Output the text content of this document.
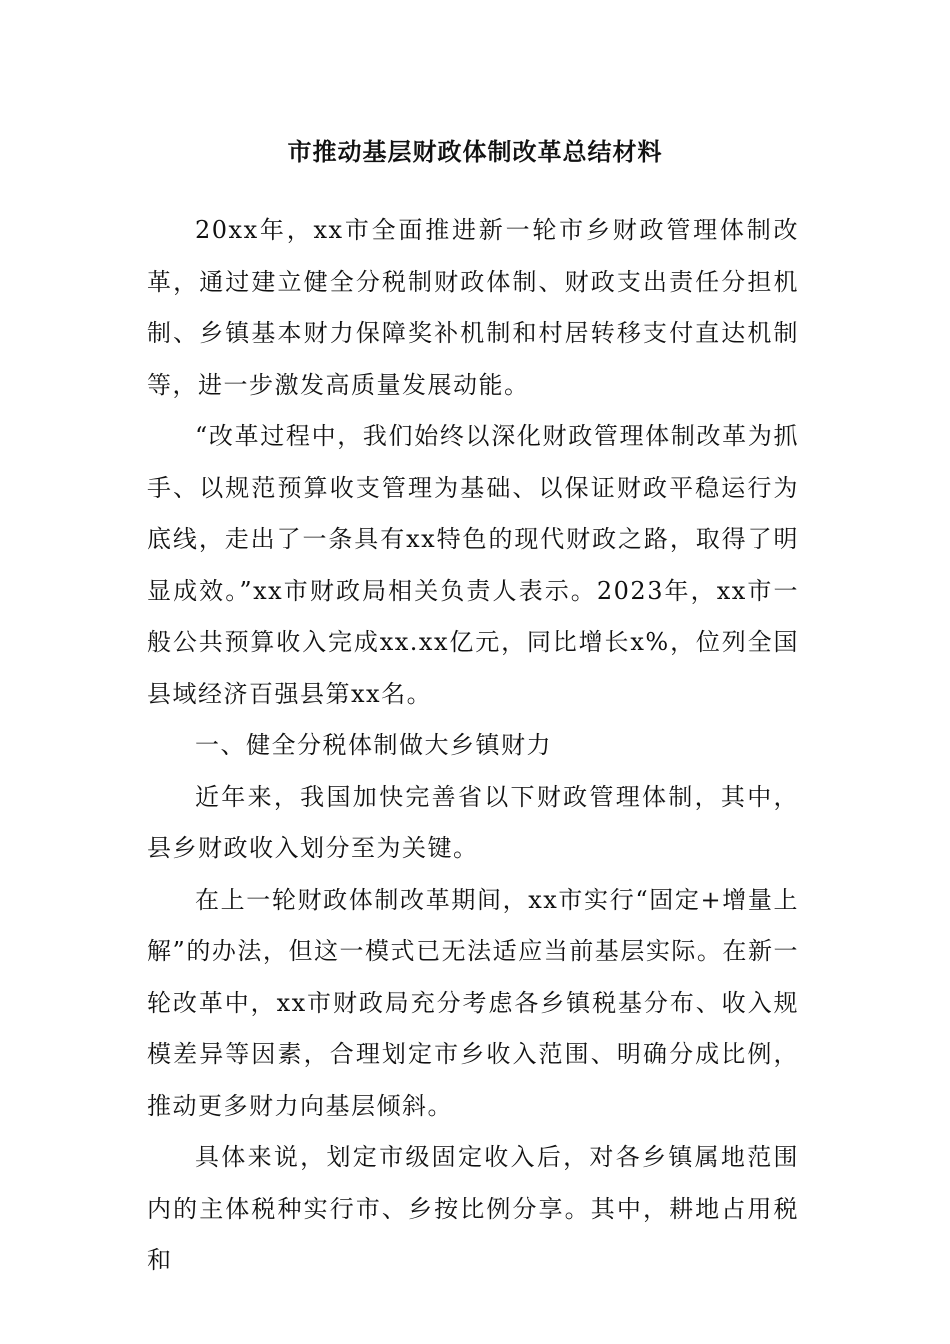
市推动基层财政体制改革总结材料

20xx年，xx市全面推进新一轮市乡财政管理体制改革，通过建立健全分税制财政体制、财政支出责任分担机制、乡镇基本财力保障奖补机制和村居转移支付直达机制等，进一步激发高质量发展动能。

“改革过程中，我们始终以深化财政管理体制改革为抓手、以规范预算收支管理为基础、以保证财政平稳运行为底线，走出了一条具有xx特色的现代财政之路，取得了明显成效。”xx市财政局相关负责人表示。2023年，xx市一般公共预算收入完成xx.xx亿元，同比增长x%，位列全国县域经济百强县第xx名。

一、健全分税体制做大乡镇财力

近年来，我国加快完善省以下财政管理体制，其中，县乡财政收入划分至为关键。

在上一轮财政体制改革期间，xx市实行“固定+增量上解”的办法，但这一模式已无法适应当前基层实际。在新一轮改革中，xx市财政局充分考虑各乡镇税基分布、收入规模差异等因素，合理划定市乡收入范围、明确分成比例，推动更多财力向基层倾斜。

具体来说，划定市级固定收入后，对各乡镇属地范围内的主体税种实行市、乡按比例分享。其中，耕地占用税和
